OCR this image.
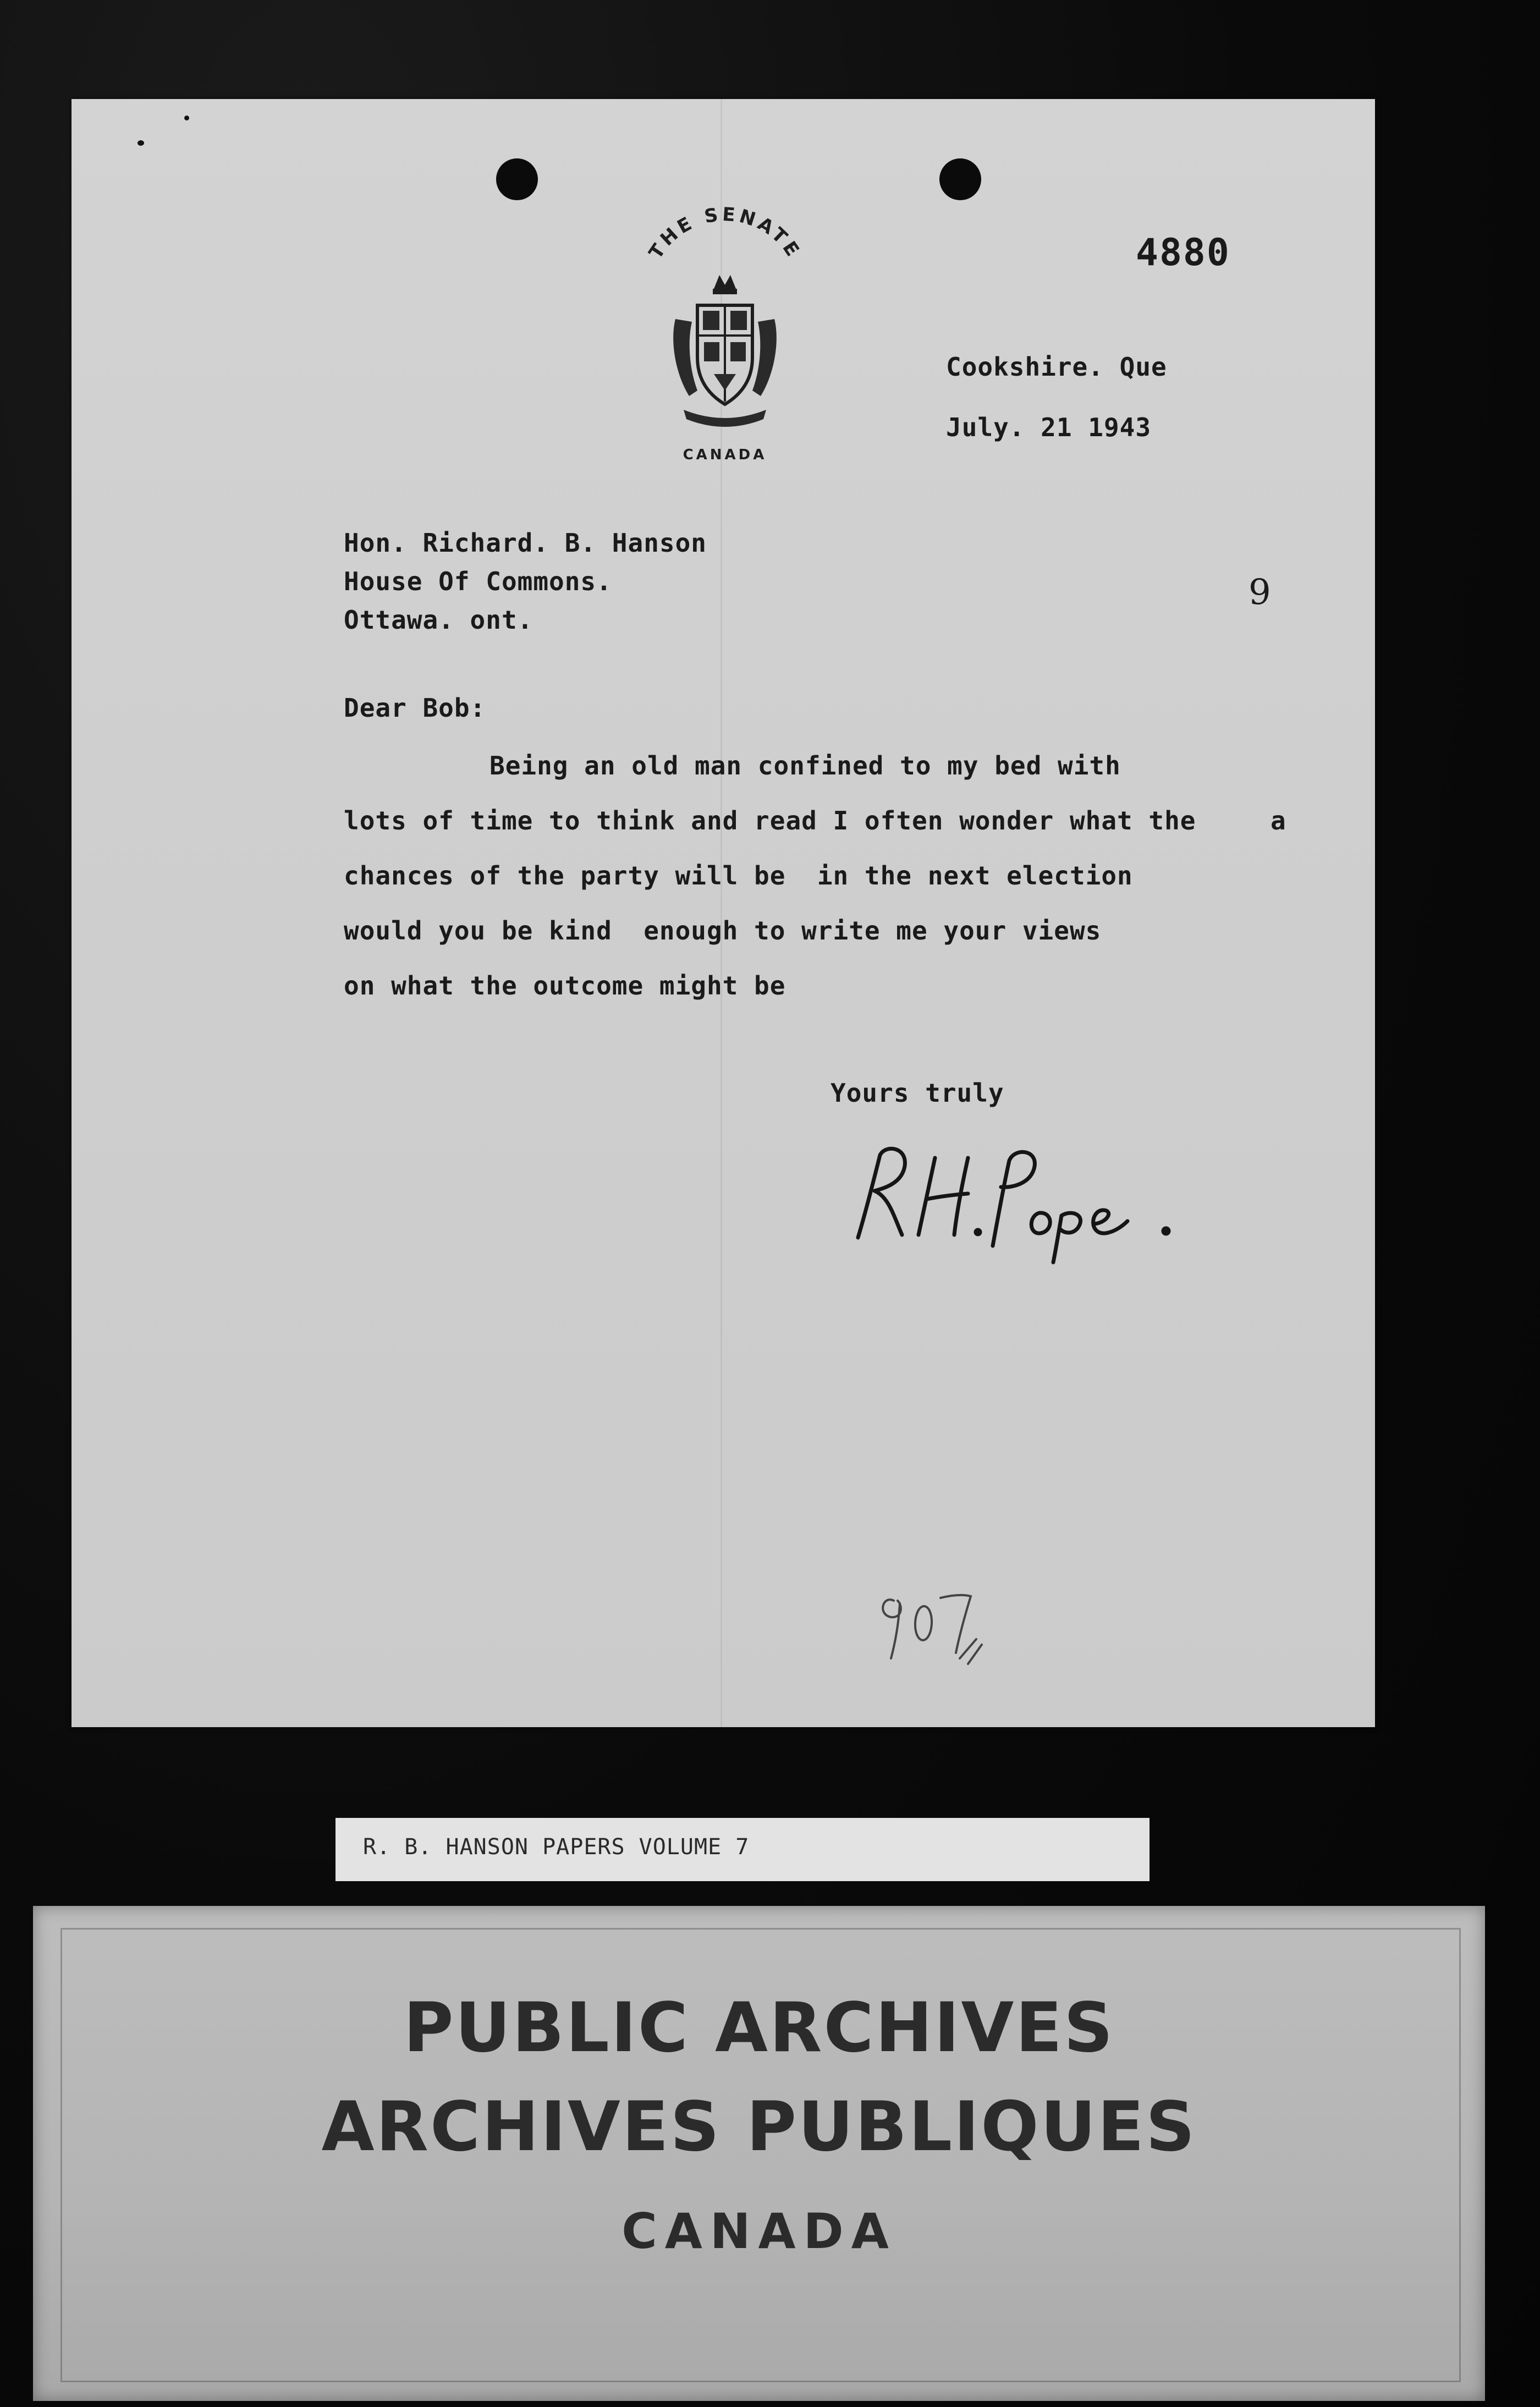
THE SENATE
CANADA
4880
Cookshire. Que
July. 21 1943
Hon. Richard. B. Hanson
House Of Commons.
Ottawa. ont.
9
Dear Bob:
Being an old man confined to my bed with
lots of time to think and read I often wonder what the
chances of the party will be  in the next election
would you be kind  enough to write me your views
on what the outcome might be
a
Yours truly
R. B. HANSON PAPERS VOLUME 7
PUBLIC ARCHIVES
ARCHIVES PUBLIQUES
CANADA
